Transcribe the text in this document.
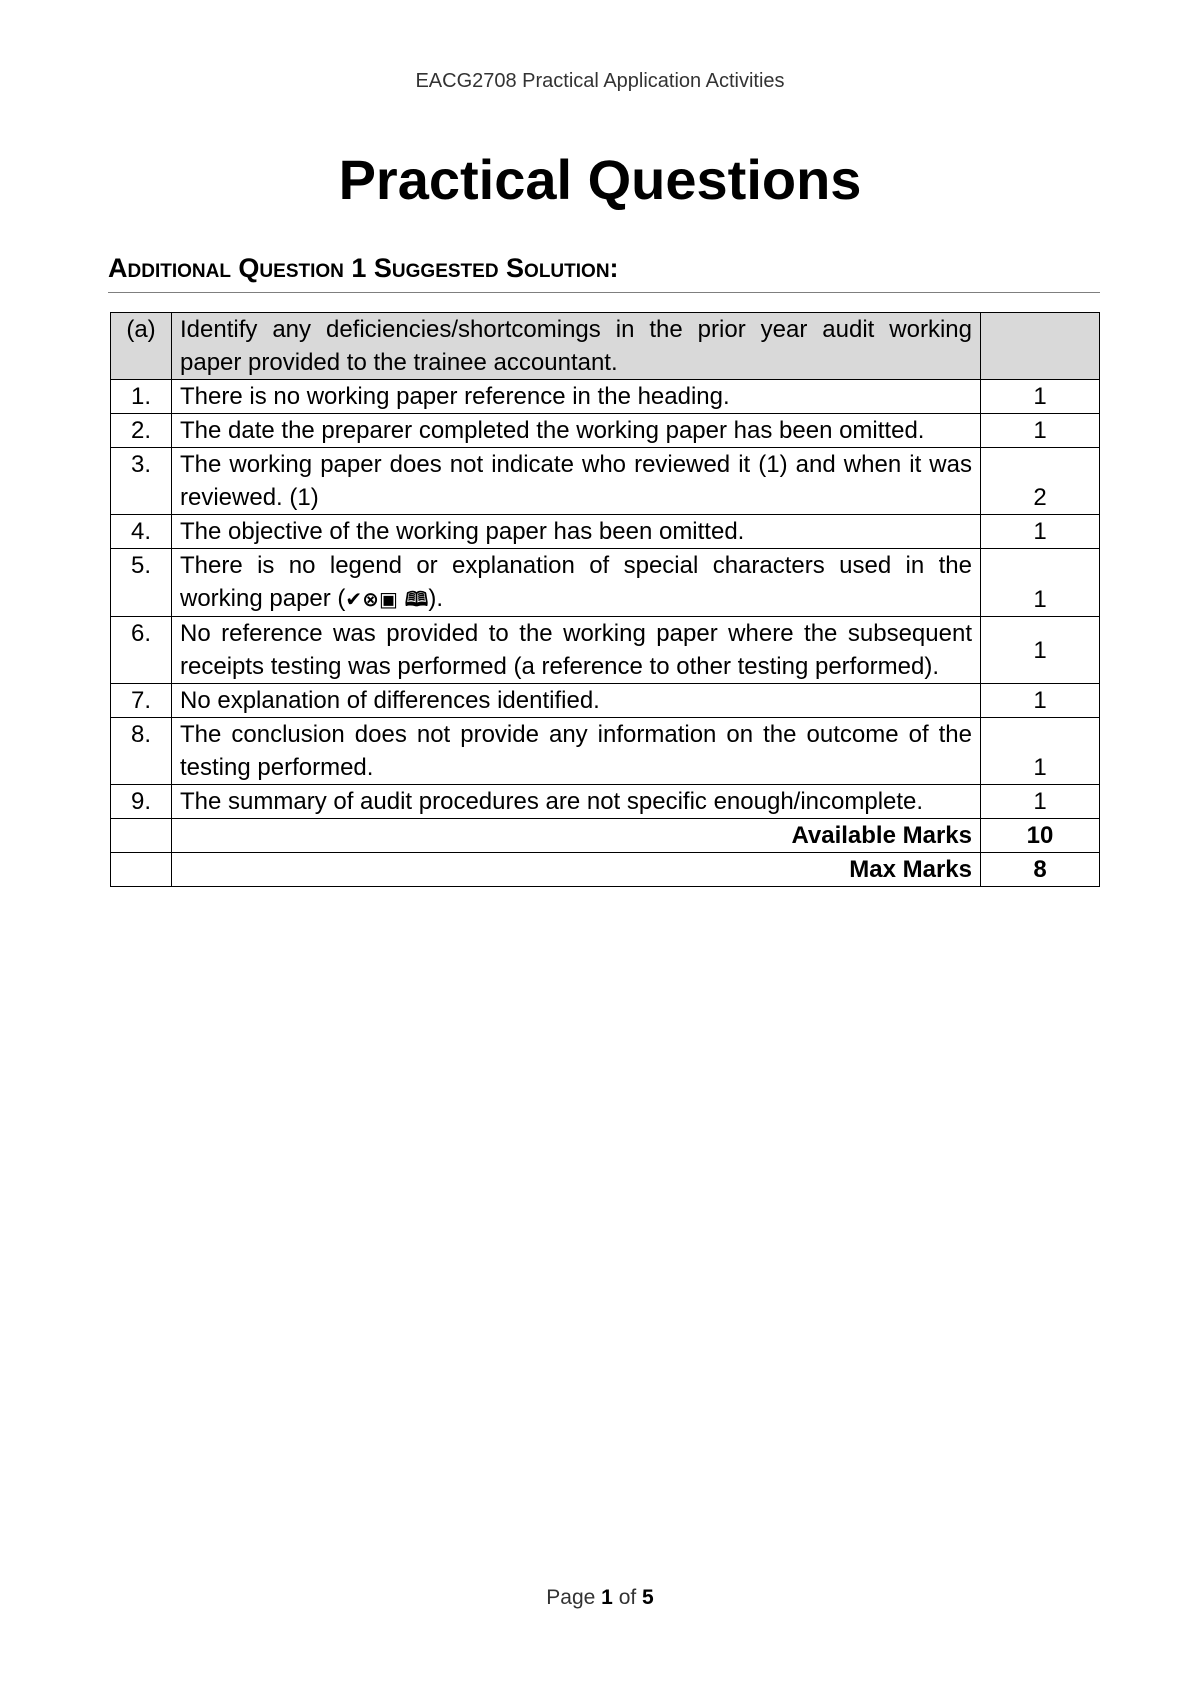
EACG2708 Practical Application Activities
Practical Questions
Additional Question 1 Suggested Solution:
(a)	Identify any deficiencies/shortcomings in the prior year audit working paper provided to the trainee accountant.	
1.	There is no working paper reference in the heading.	1
2.	The date the preparer completed the working paper has been omitted.	1
3.	The working paper does not indicate who reviewed it (1) and when it was reviewed. (1)	2
4.	The objective of the working paper has been omitted.	1
5.	There is no legend or explanation of special characters used in the working paper (✔⊗▣ 🕮).	1
6.	No reference was provided to the working paper where the subsequent receipts testing was performed (a reference to other testing performed).	1
7.	No explanation of differences identified.	1
8.	The conclusion does not provide any information on the outcome of the testing performed.	1
9.	The summary of audit procedures are not specific enough/incomplete.	1
	Available Marks	10
	Max Marks	8
Page 1 of 5
